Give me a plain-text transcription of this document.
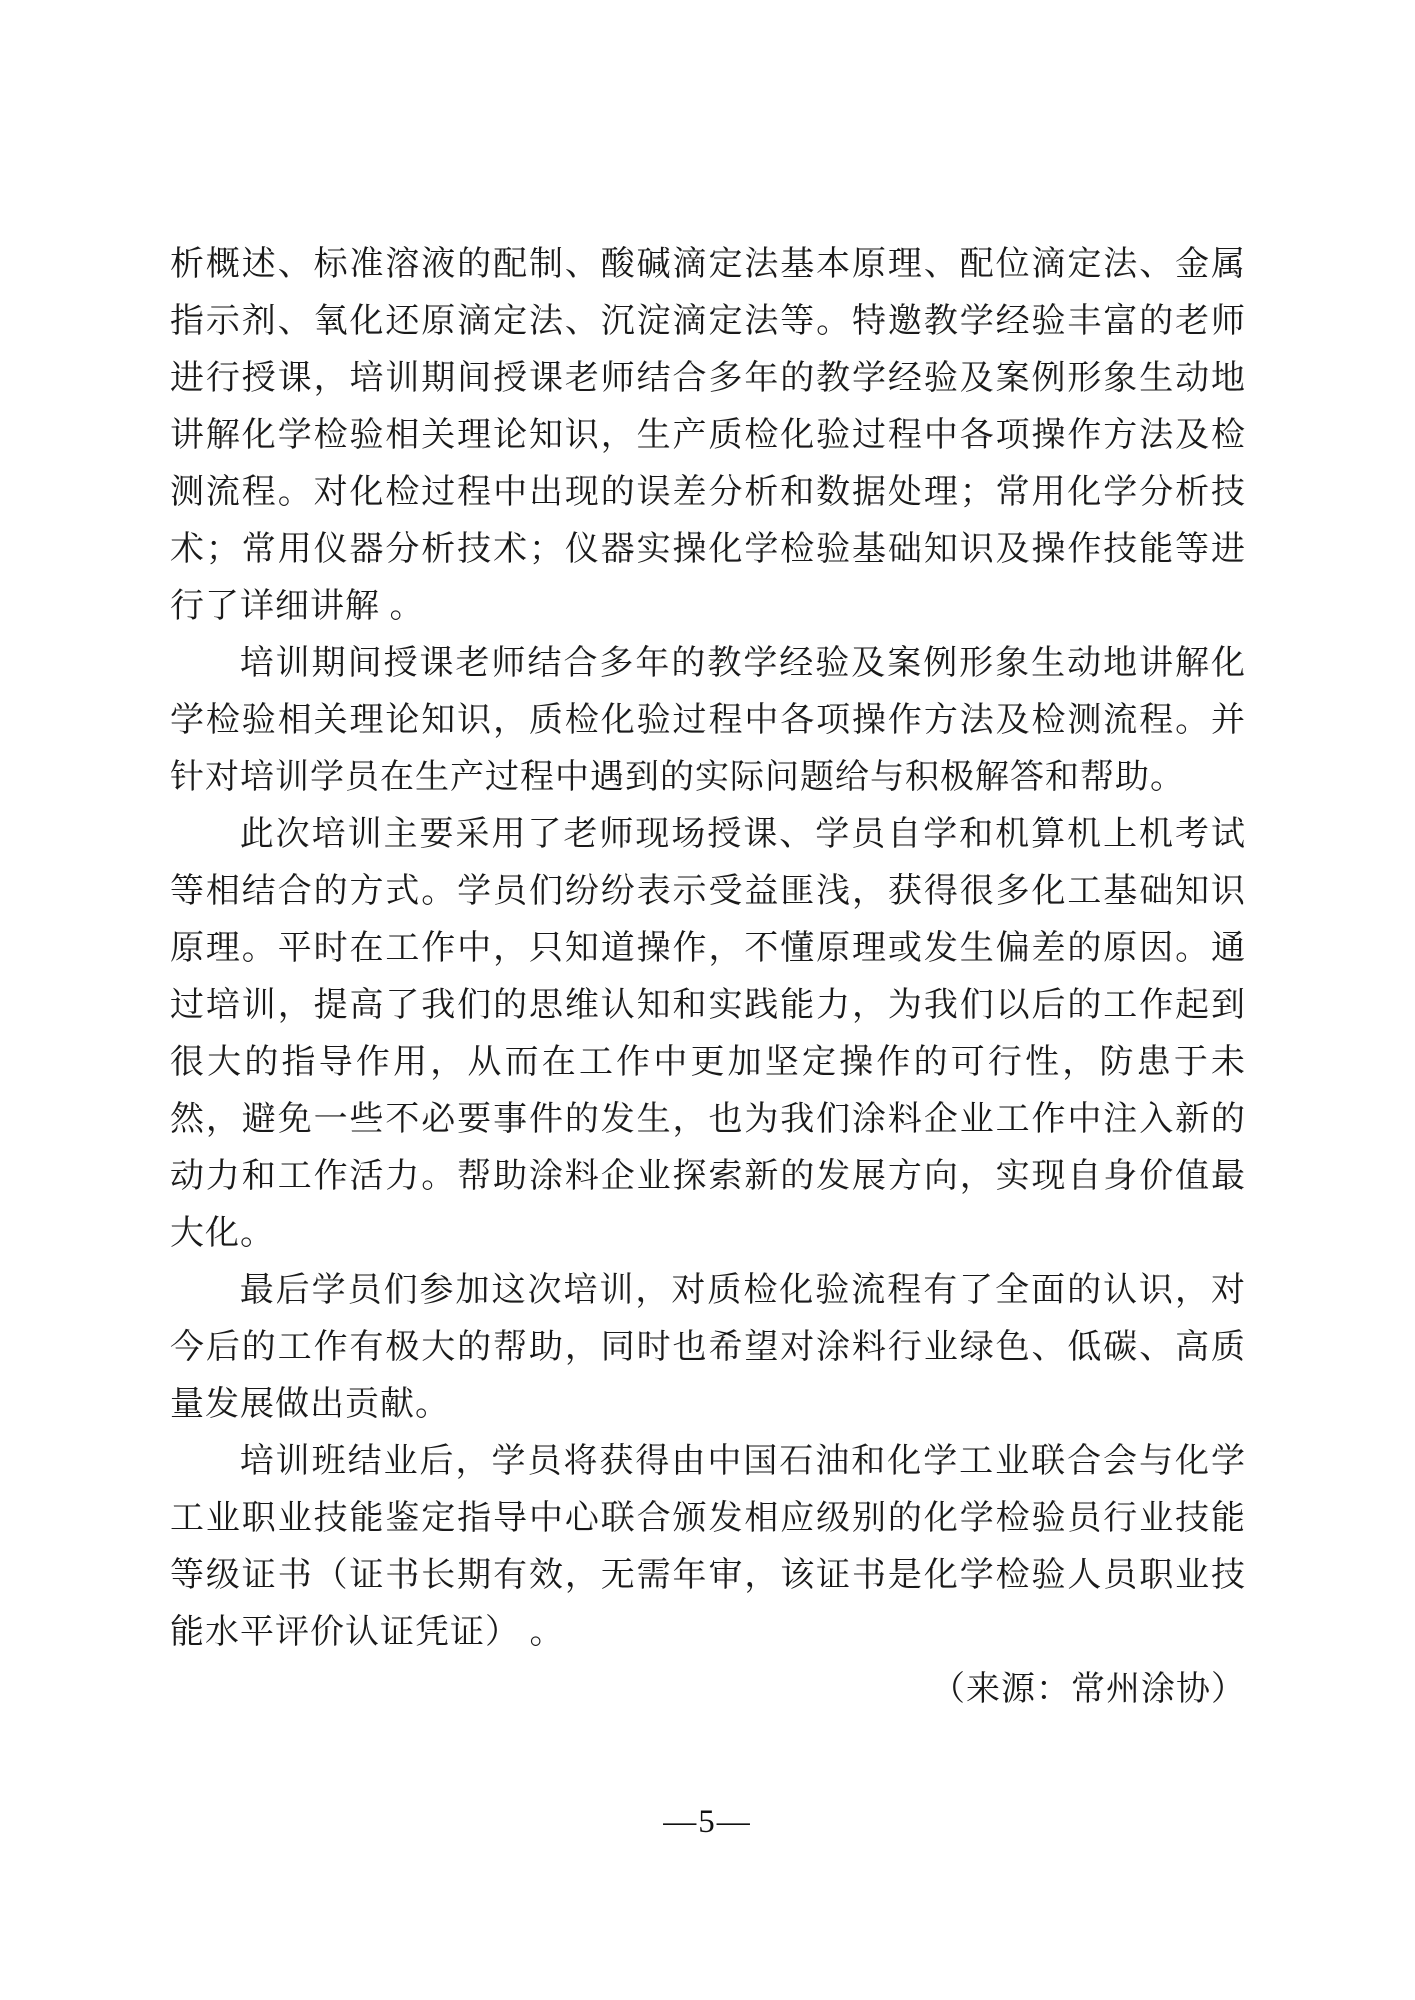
析概述、标准溶液的配制、酸碱滴定法基本原理、配位滴定法、金属指示剂、氧化还原滴定法、沉淀滴定法等。特邀教学经验丰富的老师进行授课，培训期间授课老师结合多年的教学经验及案例形象生动地讲解化学检验相关理论知识，生产质检化验过程中各项操作方法及检测流程。对化检过程中出现的误差分析和数据处理；常用化学分析技术；常用仪器分析技术；仪器实操化学检验基础知识及操作技能等进行了详细讲解 。

培训期间授课老师结合多年的教学经验及案例形象生动地讲解化学检验相关理论知识，质检化验过程中各项操作方法及检测流程。并针对培训学员在生产过程中遇到的实际问题给与积极解答和帮助。

此次培训主要采用了老师现场授课、学员自学和机算机上机考试等相结合的方式。学员们纷纷表示受益匪浅，获得很多化工基础知识原理。平时在工作中，只知道操作，不懂原理或发生偏差的原因。通过培训，提高了我们的思维认知和实践能力，为我们以后的工作起到很大的指导作用，从而在工作中更加坚定操作的可行性，防患于未然，避免一些不必要事件的发生，也为我们涂料企业工作中注入新的动力和工作活力。帮助涂料企业探索新的发展方向，实现自身价值最大化。

最后学员们参加这次培训，对质检化验流程有了全面的认识，对今后的工作有极大的帮助，同时也希望对涂料行业绿色、低碳、高质量发展做出贡献。

培训班结业后，学员将获得由中国石油和化学工业联合会与化学工业职业技能鉴定指导中心联合颁发相应级别的化学检验员行业技能等级证书（证书长期有效，无需年审，该证书是化学检验人员职业技能水平评价认证凭证） 。

（来源：常州涂协）

—5—
